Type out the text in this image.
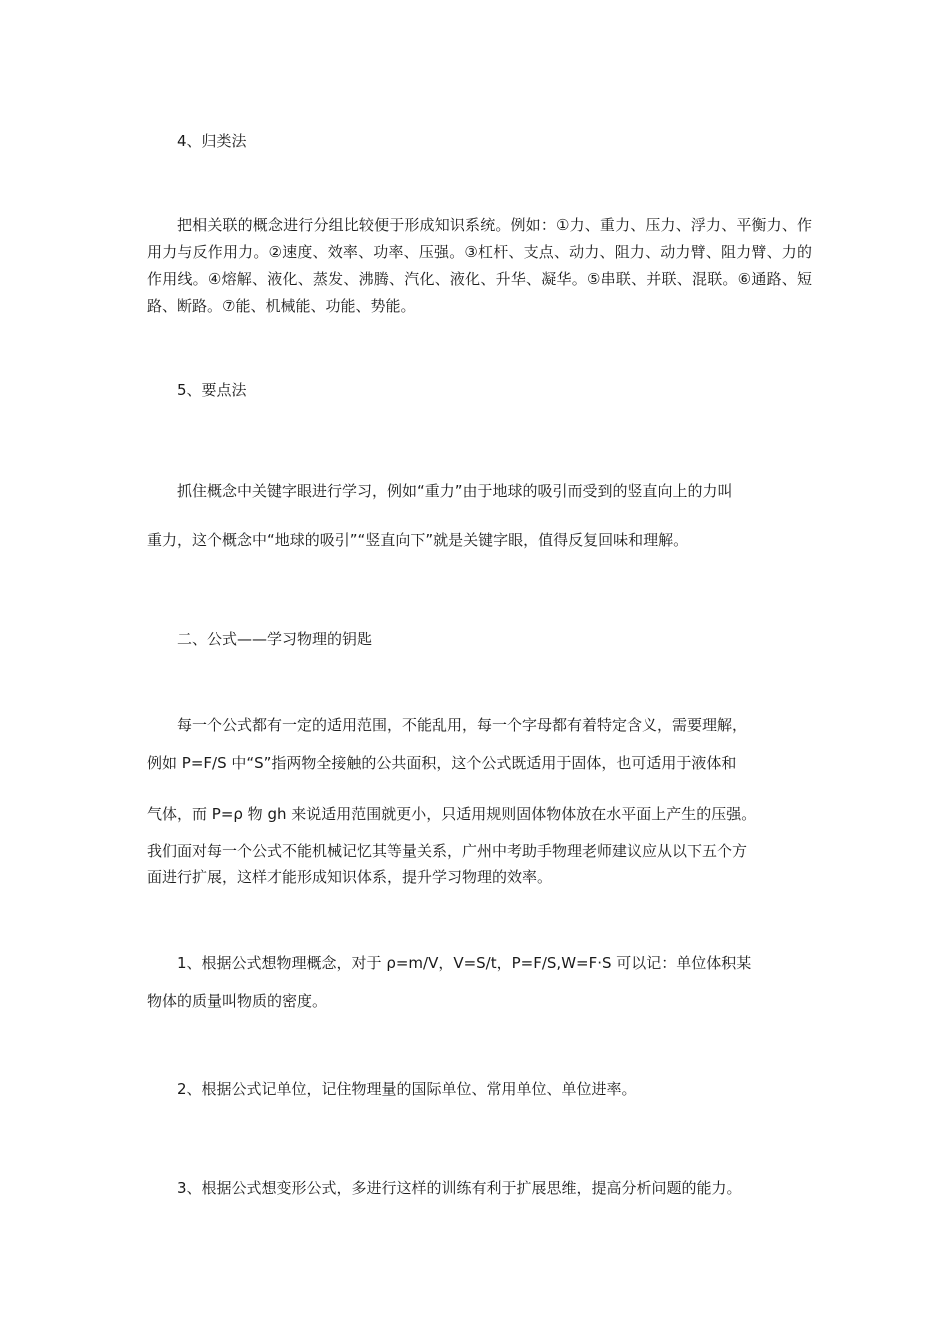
4、归类法
把相关联的概念进行分组比较便于形成知识系统。例如：①力、重力、压力、浮力、平衡力、作用力与反作用力。②速度、效率、功率、压强。③杠杆、支点、动力、阻力、动力臂、阻力臂、力的作用线。④熔解、液化、蒸发、沸腾、汽化、液化、升华、凝华。⑤串联、并联、混联。⑥通路、短路、断路。⑦能、机械能、功能、势能。
5、要点法
抓住概念中关键字眼进行学习，例如“重力”由于地球的吸引而受到的竖直向上的力叫
重力，这个概念中“地球的吸引”“竖直向下”就是关键字眼，值得反复回味和理解。
二、公式——学习物理的钥匙
每一个公式都有一定的适用范围，不能乱用，每一个字母都有着特定含义，需要理解，
例如 P=F/S 中“S”指两物全接触的公共面积，这个公式既适用于固体，也可适用于液体和
气体，而 P=ρ 物 gh 来说适用范围就更小，只适用规则固体物体放在水平面上产生的压强。
我们面对每一个公式不能机械记忆其等量关系，广州中考助手物理老师建议应从以下五个方
面进行扩展，这样才能形成知识体系，提升学习物理的效率。
1、根据公式想物理概念，对于 ρ=m/V，V=S/t，P=F/S,W=F·S 可以记：单位体积某
物体的质量叫物质的密度。
2、根据公式记单位，记住物理量的国际单位、常用单位、单位进率。
3、根据公式想变形公式，多进行这样的训练有利于扩展思维，提高分析问题的能力。
